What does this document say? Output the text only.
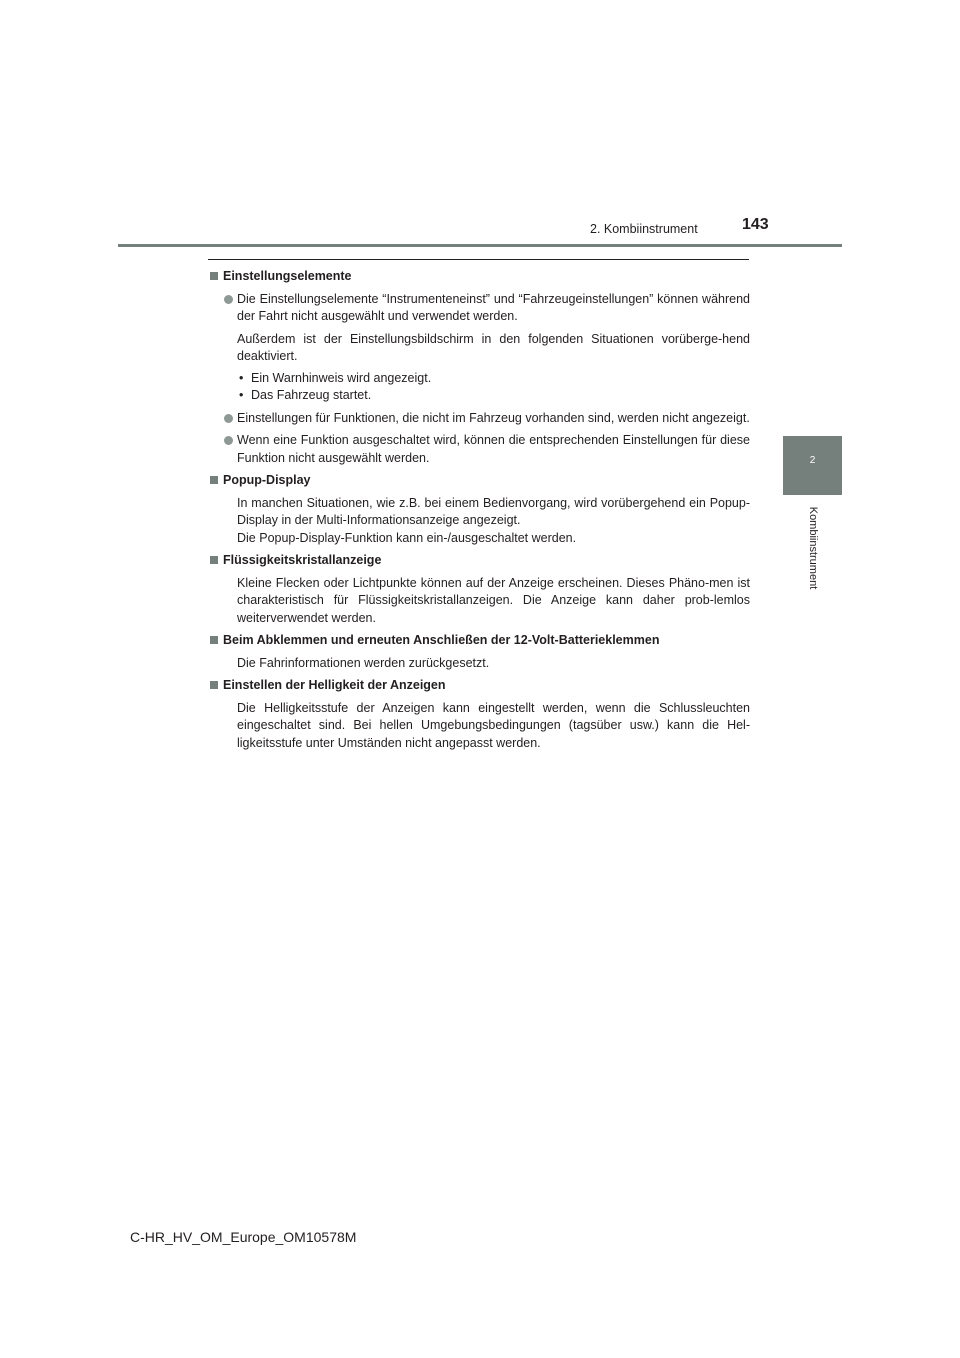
2. Kombiinstrument	143
2
Kombiinstrument
Einstellungselemente
Die Einstellungselemente “Instrumenteneinst” und “Fahrzeugeinstellungen” können während der Fahrt nicht ausgewählt und verwendet werden.
Außerdem ist der Einstellungsbildschirm in den folgenden Situationen vorüberge-hend deaktiviert.
• Ein Warnhinweis wird angezeigt.
• Das Fahrzeug startet.
Einstellungen für Funktionen, die nicht im Fahrzeug vorhanden sind, werden nicht angezeigt.
Wenn eine Funktion ausgeschaltet wird, können die entsprechenden Einstellungen für diese Funktion nicht ausgewählt werden.
Popup-Display
In manchen Situationen, wie z.B. bei einem Bedienvorgang, wird vorübergehend ein Popup-Display in der Multi-Informationsanzeige angezeigt.
Die Popup-Display-Funktion kann ein-/ausgeschaltet werden.
Flüssigkeitskristallanzeige
Kleine Flecken oder Lichtpunkte können auf der Anzeige erscheinen. Dieses Phäno-men ist charakteristisch für Flüssigkeitskristallanzeigen. Die Anzeige kann daher prob-lemlos weiterverwendet werden.
Beim Abklemmen und erneuten Anschließen der 12-Volt-Batterieklemmen
Die Fahrinformationen werden zurückgesetzt.
Einstellen der Helligkeit der Anzeigen
Die Helligkeitsstufe der Anzeigen kann eingestellt werden, wenn die Schlussleuchten eingeschaltet sind. Bei hellen Umgebungsbedingungen (tagsüber usw.) kann die Hel-ligkeitsstufe unter Umständen nicht angepasst werden.
C-HR_HV_OM_Europe_OM10578M
